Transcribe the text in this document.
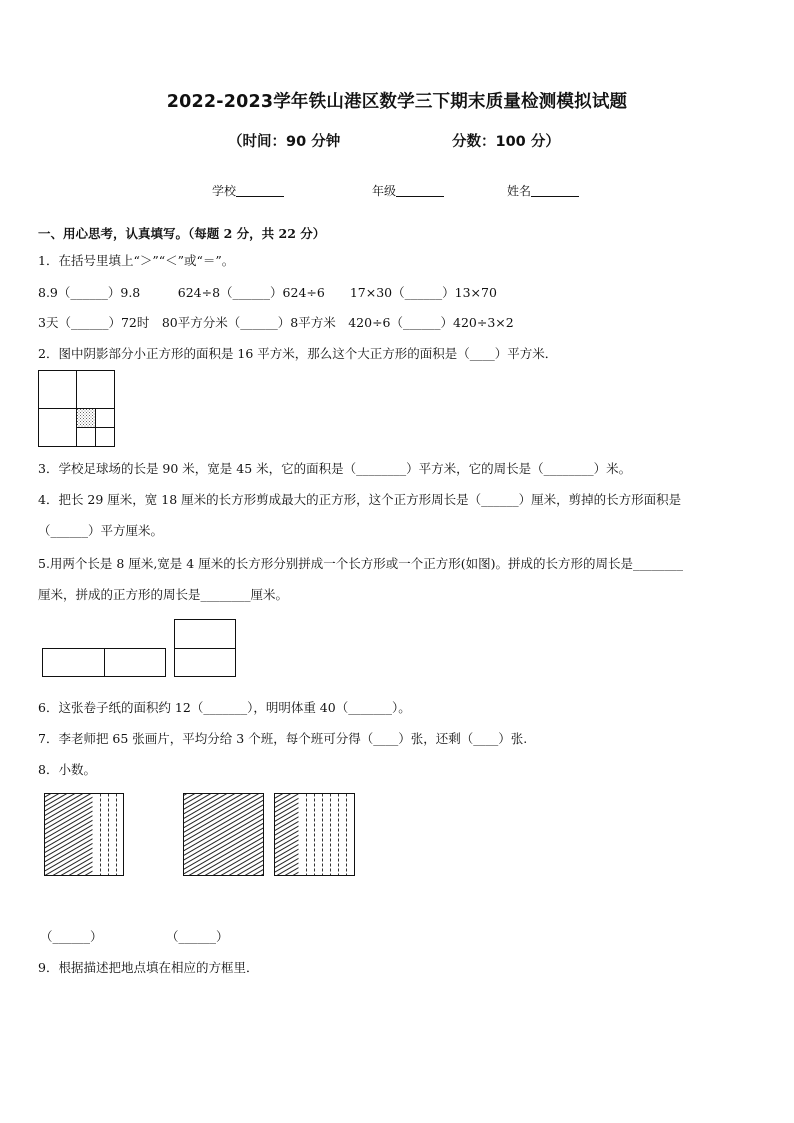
2022-2023学年铁山港区数学三下期末质量检测模拟试题
（时间：90 分钟	分数：100 分）
学校	年级	姓名
一、用心思考，认真填写。（每题 2 分，共 22 分）
1．在括号里填上“＞”“＜”或“＝”。
8.9（______）9.8　　　624÷8（______）624÷6　　17×30（______）13×70
3天（______）72时　80平方分米（______）8平方米　420÷6（______）420÷3×2
2．图中阴影部分小正方形的面积是 16 平方米，那么这个大正方形的面积是（____）平方米．
3．学校足球场的长是 90 米，宽是 45 米，它的面积是（________）平方米，它的周长是（________）米。
4．把长 29 厘米，宽 18 厘米的长方形剪成最大的正方形，这个正方形周长是（______）厘米，剪掉的长方形面积是
（______）平方厘米。
5.用两个长是 8 厘米,宽是 4 厘米的长方形分别拼成一个长方形或一个正方形(如图)。拼成的长方形的周长是________
厘米，拼成的正方形的周长是________厘米。
6．这张卷子纸的面积约 12（_______），明明体重 40（_______）。
7．李老师把 65 张画片，平均分给 3 个班，每个班可分得（____）张，还剩（____）张.
8．小数。
（______）	（______）
9．根据描述把地点填在相应的方框里．
